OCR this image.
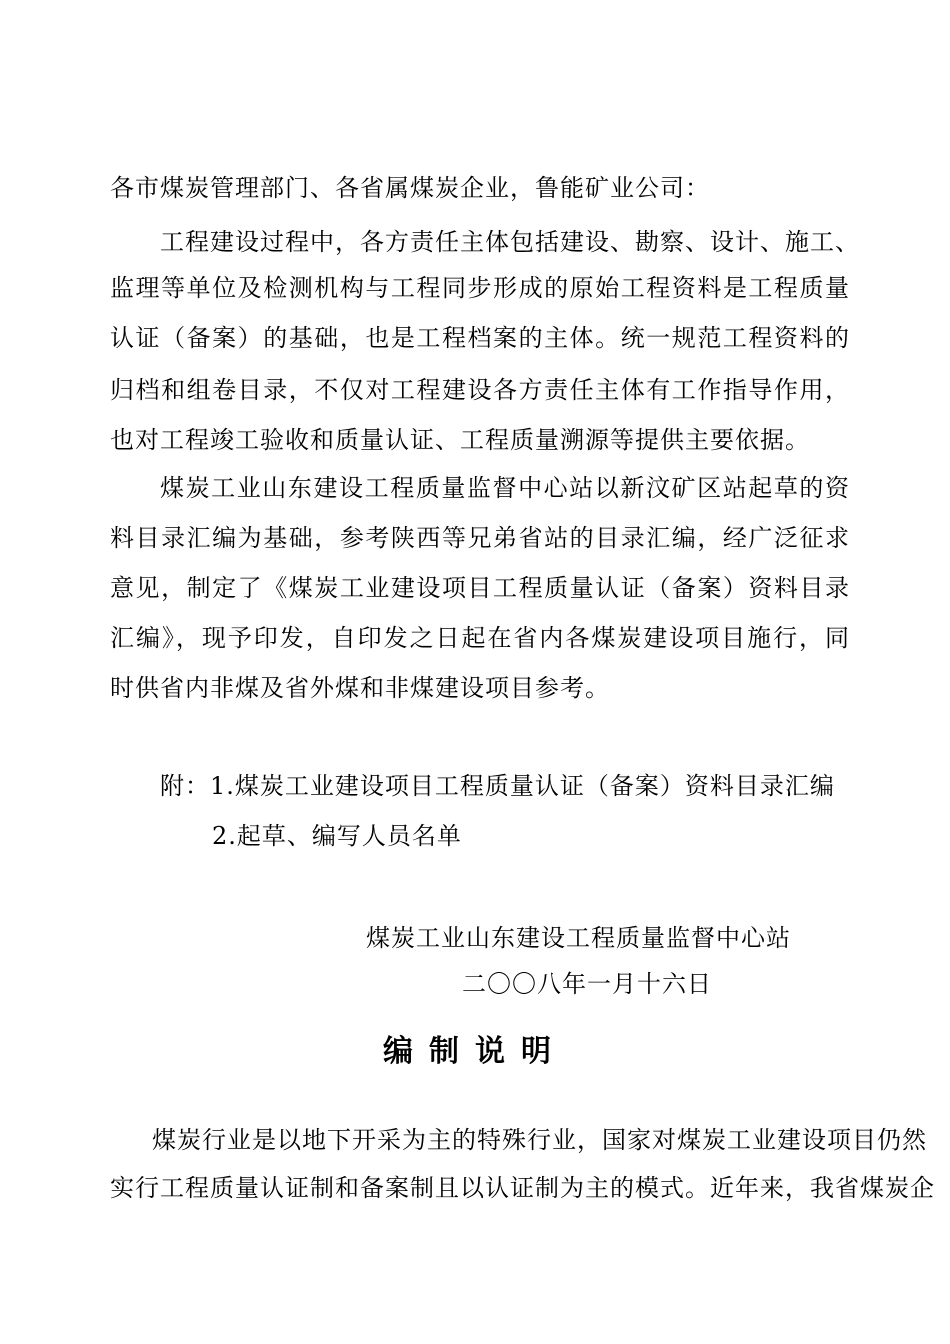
各市煤炭管理部门、各省属煤炭企业，鲁能矿业公司：
工程建设过程中，各方责任主体包括建设、勘察、设计、施工、
监理等单位及检测机构与工程同步形成的原始工程资料是工程质量
认证（备案）的基础，也是工程档案的主体。统一规范工程资料的
归档和组卷目录，不仅对工程建设各方责任主体有工作指导作用，
也对工程竣工验收和质量认证、工程质量溯源等提供主要依据。
煤炭工业山东建设工程质量监督中心站以新汶矿区站起草的资
料目录汇编为基础，参考陕西等兄弟省站的目录汇编，经广泛征求
意见，制定了《煤炭工业建设项目工程质量认证（备案）资料目录
汇编》，现予印发，自印发之日起在省内各煤炭建设项目施行，同
时供省内非煤及省外煤和非煤建设项目参考。
附：1.煤炭工业建设项目工程质量认证（备案）资料目录汇编
2.起草、编写人员名单
煤炭工业山东建设工程质量监督中心站
二〇〇八年一月十六日
编制说明
煤炭行业是以地下开采为主的特殊行业，国家对煤炭工业建设项目仍然
实行工程质量认证制和备案制且以认证制为主的模式。近年来，我省煤炭企
